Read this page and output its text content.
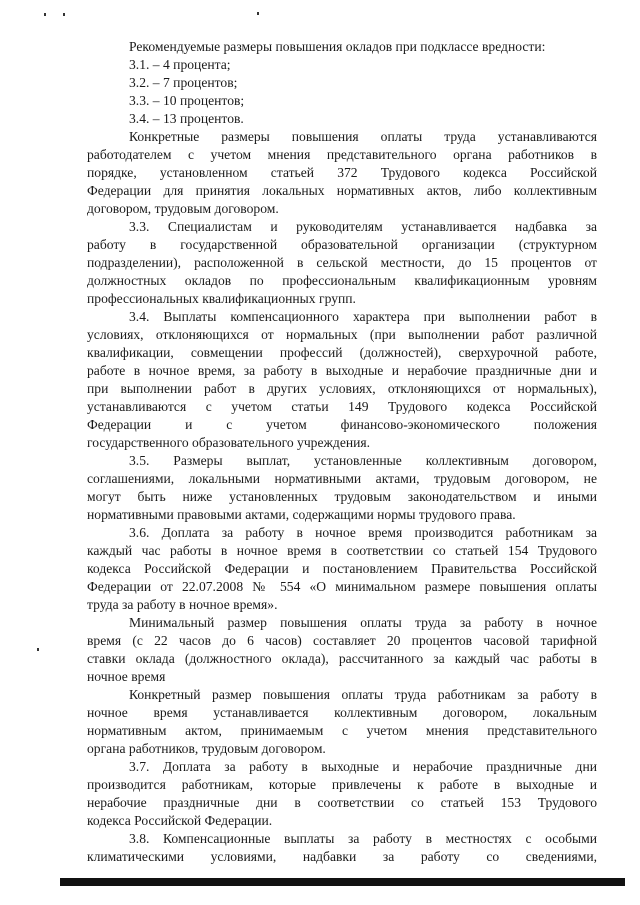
Рекомендуемые размеры повышения окладов при подклассе вредности:
3.1. – 4 процента;
3.2. – 7 процентов;
3.3. – 10 процентов;
3.4. – 13 процентов.
Конкретные размеры повышения оплаты труда устанавливаются
работодателем с учетом мнения представительного органа работников в
порядке, установленном статьей 372 Трудового кодекса Российской
Федерации для принятия локальных нормативных актов, либо коллективным
договором, трудовым договором.
3.3. Специалистам и руководителям устанавливается надбавка за
работу в государственной образовательной организации (структурном
подразделении), расположенной в сельской местности, до 15 процентов от
должностных окладов по профессиональным квалификационным уровням
профессиональных квалификационных групп.
3.4. Выплаты компенсационного характера при выполнении работ в
условиях, отклоняющихся от нормальных (при выполнении работ различной
квалификации, совмещении профессий (должностей), сверхурочной работе,
работе в ночное время, за работу в выходные и нерабочие праздничные дни и
при выполнении работ в других условиях, отклоняющихся от нормальных),
устанавливаются с учетом статьи 149 Трудового кодекса Российской
Федерации и с учетом финансово-экономического положения
государственного образовательного учреждения.
3.5. Размеры выплат, установленные коллективным договором,
соглашениями, локальными нормативными актами, трудовым договором, не
могут быть ниже установленных трудовым законодательством и иными
нормативными правовыми актами, содержащими нормы трудового права.
3.6. Доплата за работу в ночное время производится работникам за
каждый час работы в ночное время в соответствии со статьей 154 Трудового
кодекса Российской Федерации и постановлением Правительства Российской
Федерации от 22.07.2008 № 554 «О минимальном размере повышения оплаты
труда за работу в ночное время».
Минимальный размер повышения оплаты труда за работу в ночное
время (с 22 часов до 6 часов) составляет 20 процентов часовой тарифной
ставки оклада (должностного оклада), рассчитанного за каждый час работы в
ночное время
Конкретный размер повышения оплаты труда работникам за работу в
ночное время устанавливается коллективным договором, локальным
нормативным актом, принимаемым с учетом мнения представительного
органа работников, трудовым договором.
3.7. Доплата за работу в выходные и нерабочие праздничные дни
производится работникам, которые привлечены к работе в выходные и
нерабочие праздничные дни в соответствии со статьей 153 Трудового
кодекса Российской Федерации.
3.8. Компенсационные выплаты за работу в местностях с особыми
климатическими условиями, надбавки за работу со сведениями,
